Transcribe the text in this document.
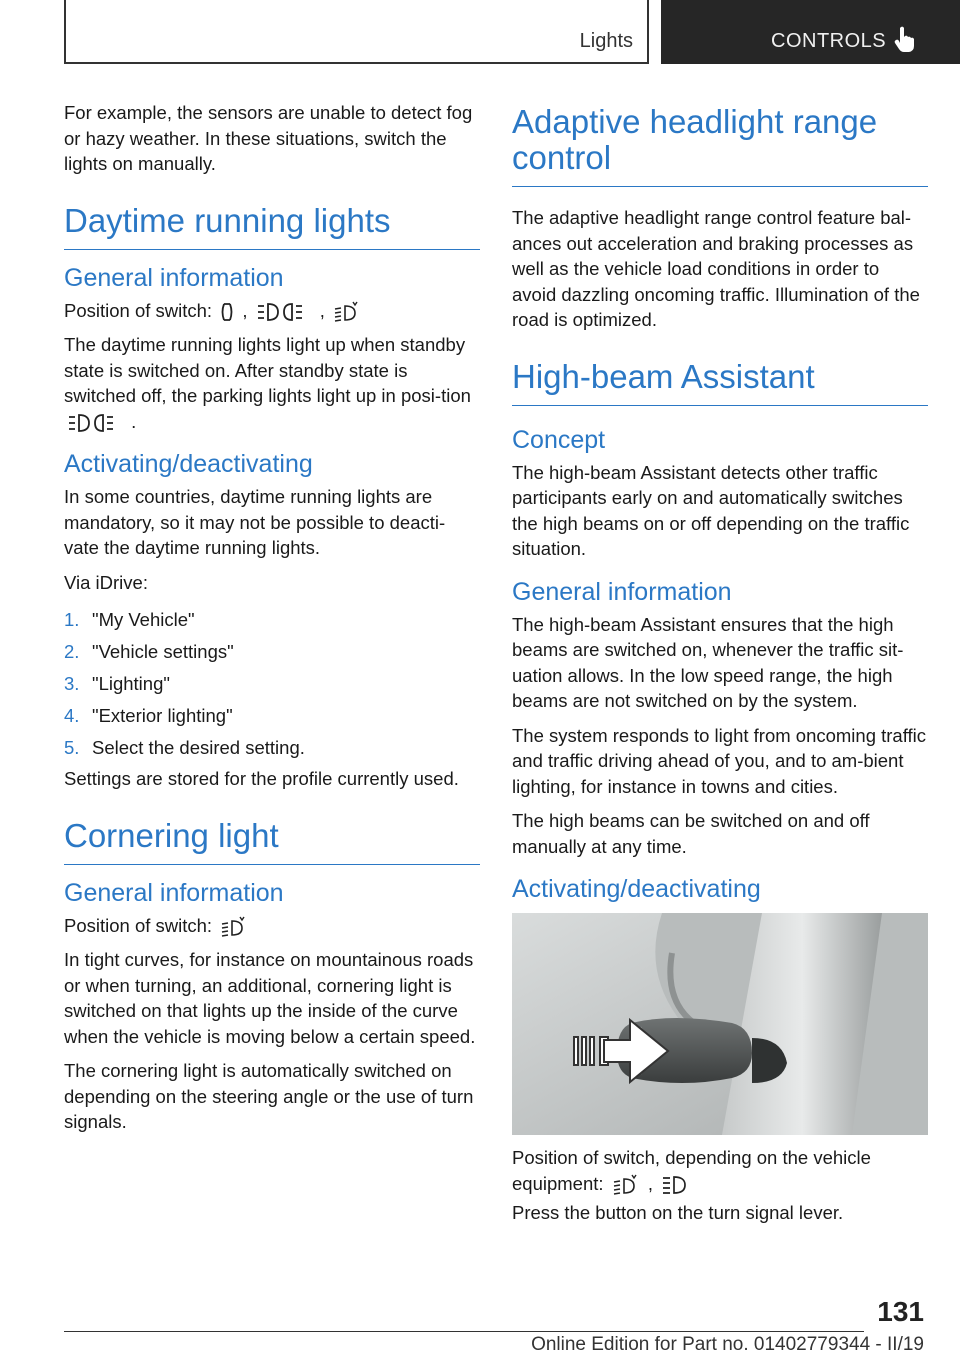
Lights	CONTROLS

For example, the sensors are unable to detect fog or hazy weather. In these situations, switch the lights on manually.

Daytime running lights
General information

Position of switch: ,	,

The daytime running lights light up when standby state is switched on. After standby state is switched off, the parking lights light up in posi-tion
.

Activating/deactivating

In some countries, daytime running lights are mandatory, so it may not be possible to deacti-vate the daytime running lights.

Via iDrive:

1. "My Vehicle"
2. "Vehicle settings"
3. "Lighting"
4. "Exterior lighting"
5. Select the desired setting.

Settings are stored for the profile currently used.

Cornering light
General information

Position of switch:

In tight curves, for instance on mountainous roads or when turning, an additional, cornering light is switched on that lights up the inside of the curve when the vehicle is moving below a certain speed.

The cornering light is automatically switched on depending on the steering angle or the use of turn signals.

Adaptive headlight range control

The adaptive headlight range control feature bal-ances out acceleration and braking processes as well as the vehicle load conditions in order to avoid dazzling oncoming traffic. Illumination of the road is optimized.

High-beam Assistant
Concept

The high-beam Assistant detects other traffic participants early on and automatically switches the high beams on or off depending on the traffic situation.

General information

The high-beam Assistant ensures that the high beams are switched on, whenever the traffic sit-uation allows. In the low speed range, the high beams are not switched on by the system.

The system responds to light from oncoming traffic and traffic driving ahead of you, and to am-bient lighting, for instance in towns and cities.

The high beams can be switched on and off manually at any time.

Activating/deactivating

Position of switch, depending on the vehicle
equipment: ,

Press the button on the turn signal lever.

131
Online Edition for Part no. 01402779344 - II/19
